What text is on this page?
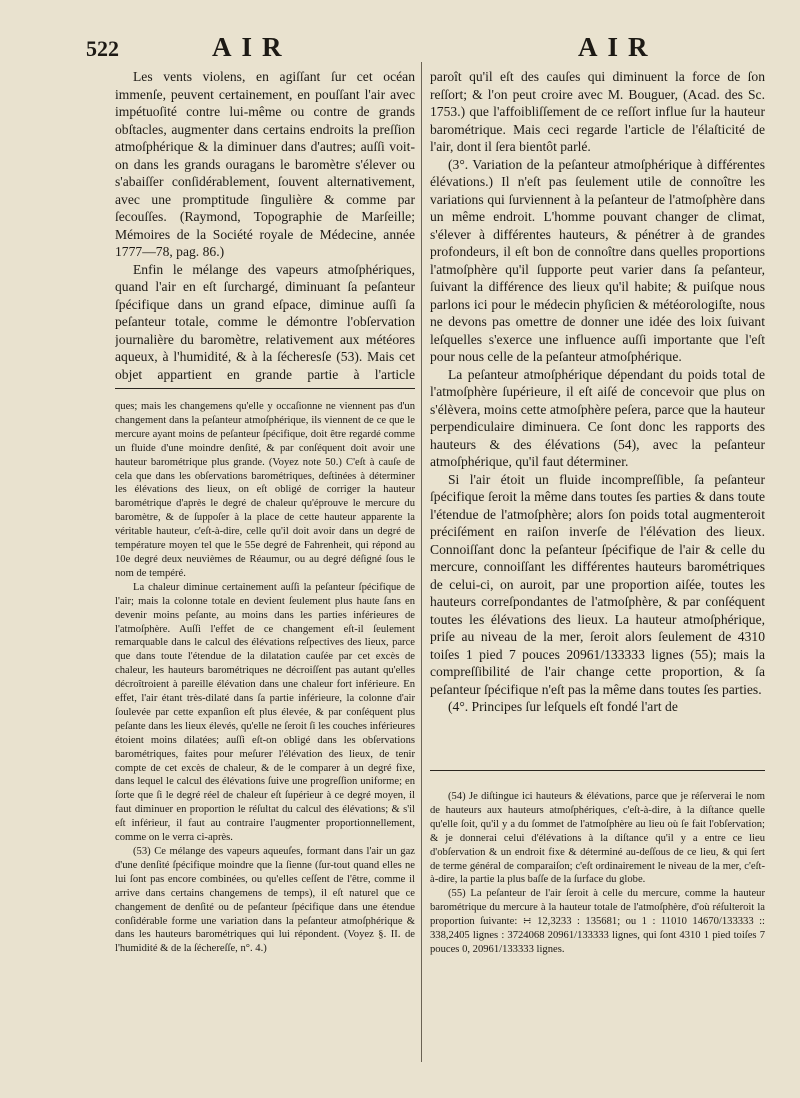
522	AIR	AIR

Les vents violens, en agiſſant ſur cet océan immenſe, peuvent certainement, en pouſſant l'air avec impétuoſité contre lui-même ou contre de grands obſtacles, augmenter dans certains endroits la preſſion atmoſphérique & la diminuer dans d'autres; auſſi voit-on dans les grands ouragans le baromètre s'élever ou s'abaiſſer conſidérablement, ſouvent alternativement, avec une promptitude ſingulière & comme par ſecouſſes. (Raymond, Topographie de Marſeille; Mémoires de la Société royale de Médecine, année 1777—78, pag. 86.)

Enfin le mélange des vapeurs atmoſphériques, quand l'air en eſt ſurchargé, diminuant ſa peſanteur ſpécifique dans un grand eſpace, diminue auſſi ſa peſanteur totale, comme le démontre l'obſervation journalière du baromètre, relativement aux météores aqueux, à l'humidité, & à la ſécheresſe (53). Mais cet objet appartient en grande partie à l'article

ques; mais les changemens qu'elle y occaſionne ne viennent pas d'un changement dans la peſanteur atmoſphérique, ils viennent de ce que le mercure ayant moins de peſanteur ſpécifique, doit être regardé comme un fluide d'une moindre denſité, & par conſéquent doit avoir une hauteur barométrique plus grande. (Voyez note 50.) C'eſt à cauſe de cela que dans les obſervations barométriques, deſtinées à déterminer les élévations des lieux, on eſt obligé de corriger la hauteur barométrique d'après le degré de chaleur qu'éprouve le mercure du baromètre, & de ſuppoſer à la place de cette hauteur apparente la véritable hauteur, c'eſt-à-dire, celle qu'il doit avoir dans un degré de température moyen tel que le 55e degré de Fahrenheit, qui répond au 10e degré deux neuvièmes de Réaumur, ou au degré déſigné ſous le nom de tempéré.

La chaleur diminue certainement auſſi la peſanteur ſpécifique de l'air; mais la colonne totale en devient ſeulement plus haute ſans en devenir moins peſante, au moins dans les parties inférieures de l'atmoſphère. Auſſi l'effet de ce changement eſt-il ſeulement remarquable dans le calcul des élévations reſpectives des lieux, parce que dans toute l'étendue de la dilatation cauſée par cet excès de chaleur, les hauteurs barométriques ne décroiſſent pas autant qu'elles décroîtroient à pareille élévation dans une chaleur fort inférieure. En effet, l'air étant très-dilaté dans ſa partie inférieure, la colonne d'air ſoulevée par cette expanſion eſt plus élevée, & par conſéquent plus peſante dans les lieux élevés, qu'elle ne ſeroit ſi les couches inférieures étoient moins dilatées; auſſi eſt-on obligé dans les obſervations barométriques, faites pour meſurer l'élévation des lieux, de tenir compte de cet excès de chaleur, & de le comparer à un degré fixe, dans lequel le calcul des élévations ſuive une progreſſion uniforme; en ſorte que ſi le degré réel de chaleur eſt ſupérieur à ce degré moyen, il faut diminuer en proportion le réſultat du calcul des élévations; & s'il eſt inférieur, il faut au contraire l'augmenter proportionnellement, comme on le verra ci-après.

(53) Ce mélange des vapeurs aqueuſes, formant dans l'air un gaz d'une denſité ſpécifique moindre que la ſienne (ſur-tout quand elles ne lui ſont pas encore combinées, ou qu'elles ceſſent de l'être, comme il arrive dans certains changemens de temps), il eſt naturel que ce changement de denſité ou de peſanteur ſpécifique dans une étendue conſidérable forme une variation dans la peſanteur atmoſphérique & dans les hauteurs barométriques qui lui répondent. (Voyez §. II. de l'humidité & de la ſéchereſſe, n°. 4.)

paroît qu'il eſt des cauſes qui diminuent la force de ſon reſſort; & l'on peut croire avec M. Bouguer, (Acad. des Sc. 1753.) que l'affoibliſſement de ce reſſort influe ſur la hauteur barométrique. Mais ceci regarde l'article de l'élaſticité de l'air, dont il ſera bientôt parlé.

(3°. Variation de la peſanteur atmoſphérique à différentes élévations.) Il n'eſt pas ſeulement utile de connoître les variations qui ſurviennent à la peſanteur de l'atmoſphère dans un même endroit. L'homme pouvant changer de climat, s'élever à différentes hauteurs, & pénétrer à de grandes profondeurs, il eſt bon de connoître dans quelles proportions l'atmoſphère qu'il ſupporte peut varier dans ſa peſanteur, ſuivant la différence des lieux qu'il habite; & puiſque nous parlons ici pour le médecin phyſicien & météorologiſte, nous ne devons pas omettre de donner une idée des loix ſuivant leſquelles s'exerce une influence auſſi importante que l'eſt pour nous celle de la peſanteur atmoſphérique.

La peſanteur atmoſphérique dépendant du poids total de l'atmoſphère ſupérieure, il eſt aiſé de concevoir que plus on s'élèvera, moins cette atmoſphère peſera, parce que la hauteur perpendiculaire diminuera. Ce ſont donc les rapports des hauteurs & des élévations (54), avec la peſanteur atmoſphérique, qu'il faut déterminer.

Si l'air étoit un fluide incompreſſible, ſa peſanteur ſpécifique ſeroit la même dans toutes ſes parties & dans toute l'étendue de l'atmoſphère; alors ſon poids total augmenteroit préciſément en raiſon inverſe de l'élévation des lieux. Connoiſſant donc la peſanteur ſpécifique de l'air & celle du mercure, connoiſſant les différentes hauteurs barométriques de celui-ci, on auroit, par une proportion aiſée, toutes les hauteurs correſpondantes de l'atmoſphère, & par conſéquent toutes les élévations des lieux. La hauteur atmoſphérique, priſe au niveau de la mer, ſeroit alors ſeulement de 4310 toiſes 1 pied 7 pouces 20961/133333 lignes (55); mais la compreſſibilité de l'air change cette proportion, & ſa peſanteur ſpécifique n'eſt pas la même dans toutes ſes parties.

(4°. Principes ſur leſquels eſt fondé l'art de

(54) Je diſtingue ici hauteurs & élévations, parce que je réſerverai le nom de hauteurs aux hauteurs atmoſphériques, c'eſt-à-dire, à la diſtance quelle qu'elle ſoit, qu'il y a du ſommet de l'atmoſphère au lieu où ſe fait l'obſervation; & je donnerai celui d'élévations à la diſtance qu'il y a entre ce lieu d'obſervation & un endroit fixe & déterminé au-deſſous de ce lieu, & qui ſert de terme général de comparaiſon; c'eſt ordinairement le niveau de la mer, c'eſt-à-dire, la partie la plus baſſe de la ſurface du globe.

(55) La peſanteur de l'air ſeroit à celle du mercure, comme la hauteur barométrique du mercure à la hauteur totale de l'atmoſphère, d'où réſulteroit la proportion ſuivante: ∺ 12,3233 : 135681; ou 1 : 11010 14670/133333 :: 338,2405 lignes : 3724068 20961/133333 lignes, qui ſont 4310 1 pied toiſes 7 pouces 0, 20961/133333 lignes.
